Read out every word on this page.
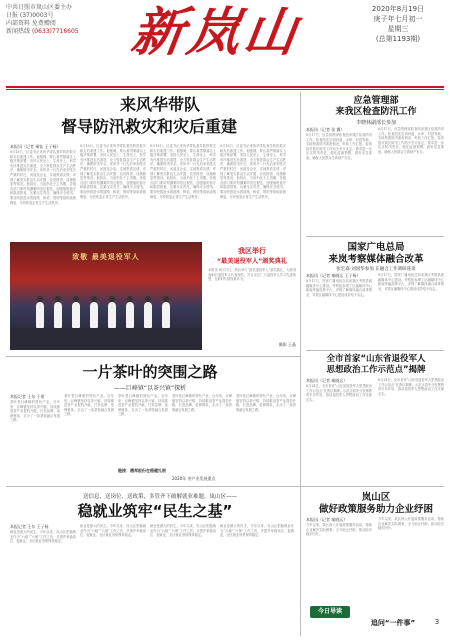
中共日照市岚山区委主办
日报 (37)0003号
内部资料 免费赠阅
新闻热线 (0633)7716605 新岚山	2020年8月19日
庚子年七月初一
星期三
(总第1193期)
来风华带队
督导防汛救灾和灾后重建
本报讯（记者 秦钰 王子杨）
8月18日，区委书记来风华带队督导防汛救灾和灾后重建工作。他强调，要认真贯彻落实上级决策部署，坚持人民至上、生命至上，科学有序推进灾后重建，全力恢复群众生产生活秩序，确保防汛安全。来风华一行先后来到受灾严重的村庄、河道及企业，实地察看灾情，详细了解受灾群众生活安置、农田排涝、设施修复等情况。他指出，当前仍处于主汛期，各级各部门要时刻绷紧防汛这根弦，加强值班值守和隐患排查，压紧压实责任，确保安全度汛。要加快推进水毁道路、桥梁、堤坝等基础设施修复，尽快恢复正常生产生活秩序。
8月18日，区委书记来风华带队督导防汛救灾和灾后重建工作。他强调，要认真贯彻落实上级决策部署，坚持人民至上、生命至上，科学有序推进灾后重建，全力恢复群众生产生活秩序，确保防汛安全。来风华一行先后来到受灾严重的村庄、河道及企业，实地察看灾情，详细了解受灾群众生活安置、农田排涝、设施修复等情况。他指出，当前仍处于主汛期，各级各部门要时刻绷紧防汛这根弦，加强值班值守和隐患排查，压紧压实责任，确保安全度汛。要加快推进水毁道路、桥梁、堤坝等基础设施修复，尽快恢复正常生产生活秩序。
8月18日，区委书记来风华带队督导防汛救灾和灾后重建工作。他强调，要认真贯彻落实上级决策部署，坚持人民至上、生命至上，科学有序推进灾后重建，全力恢复群众生产生活秩序，确保防汛安全。来风华一行先后来到受灾严重的村庄、河道及企业，实地察看灾情，详细了解受灾群众生活安置、农田排涝、设施修复等情况。他指出，当前仍处于主汛期，各级各部门要时刻绷紧防汛这根弦，加强值班值守和隐患排查，压紧压实责任，确保安全度汛。要加快推进水毁道路、桥梁、堤坝等基础设施修复，尽快恢复正常生产生活秩序。
8月18日，区委书记来风华带队督导防汛救灾和灾后重建工作。他强调，要认真贯彻落实上级决策部署，坚持人民至上、生命至上，科学有序推进灾后重建，全力恢复群众生产生活秩序，确保防汛安全。来风华一行先后来到受灾严重的村庄、河道及企业，实地察看灾情，详细了解受灾群众生活安置、农田排涝、设施修复等情况。他指出，当前仍处于主汛期，各级各部门要时刻绷紧防汛这根弦，加强值班值守和隐患排查，压紧压实责任，确保安全度汛。要加快推进水毁道路、桥梁、堤坝等基础设施修复，尽快恢复正常生产生活秩序。
应急管理部
来我区检查防汛工作
李晓林副部长参加
本报讯（记者 张 翼）
8月17日，应急管理部检查组来我区检查防汛工作。检查组先后到河道、水库、村居等地，实地察看防汛准备情况，听取工作汇报。检查组对我区防汛工作给予充分肯定，要求进一步压实防汛责任，强化监测预警，做好应急准备，确保人民群众生命财产安全。
8月17日，应急管理部检查组来我区检查防汛工作。检查组先后到河道、水库、村居等地，实地察看防汛准备情况，听取工作汇报。检查组对我区防汛工作给予充分肯定，要求进一步压实防汛责任，强化监测预警，做好应急准备，确保人民群众生命财产安全。
国家广电总局
来岚考察媒体融合改革
张宏森·刘国华参加 在融合工作调研座谈
本报讯（记者 秦晓运 王子杨）
8月17日，国家广播电视总局来我区考察县级融媒体中心建设。考察组参观了区融媒体中心新闻采编指挥平台，详细了解媒体融合改革情况，对我区融媒体中心建设成效给予肯定。
8月17日，国家广播电视总局来我区考察县级融媒体中心建设。考察组参观了区融媒体中心新闻采编指挥平台，详细了解媒体融合改革情况，对我区融媒体中心建设成效给予肯定。
致敬 最美退役军人
我区举行
“最美退役军人”颁奖典礼
本报讯 8月17日，我区举行“最美退役军人”颁奖典礼，为获得表彰的退役军人代表颁奖，号召全区广大退役军人学习先进典型，在新时代展现新作为。
摄影 王晶
一片茶叶的突围之路
——巨峰镇“以茶兴镇”探析
本报记者 王东 于建
茶叶是巨峰镇的特色产业。近年来，巨峰镇坚持以茶兴镇，持续推进茶产业提档升级，打造品牌，延伸链条，走出了一条茶旅融合发展之路。
茶叶是巨峰镇的特色产业。近年来，巨峰镇坚持以茶兴镇，持续推进茶产业提档升级，打造品牌，延伸链条，走出了一条茶旅融合发展之路。
茶叶是巨峰镇的特色产业。近年来，巨峰镇坚持以茶兴镇，持续推进茶产业提档升级，打造品牌，延伸链条，走出了一条茶旅融合发展之路。
链接：德邦股份在稳健扎根
茶叶是巨峰镇的特色产业。近年来，巨峰镇坚持以茶兴镇，持续推进茶产业提档升级，打造品牌，延伸链条，走出了一条茶旅融合发展之路。
茶叶是巨峰镇的特色产业。近年来，巨峰镇坚持以茶兴镇，持续推进茶产业提档升级，打造品牌，延伸链条，走出了一条茶旅融合发展之路。
2020年 茶产业发展重点
全市首家“山东省退役军人
思想政治工作示范点”揭牌
本报讯（记者 秦晓运）
8月14日，全市首家“山东省退役军人思想政治工作示范点”在我区揭牌。示范点将充分发挥教育引导作用，推动退役军人思想政治工作走深走实。
8月14日，全市首家“山东省退役军人思想政治工作示范点”在我区揭牌。示范点将充分发挥教育引导作用，推动退役军人思想政治工作走深走实。
送信息，送岗位，送政策，多管齐下破解就业难题，岚山区——
稳就业筑牢“民生之基”
本报记者 王东 王子杨
就业是最大的民生。今年以来，岚山区把稳就业作为“六稳”“六保”工作之首，多措并举稳岗位、促就业，全区就业形势保持稳定。
就业是最大的民生。今年以来，岚山区把稳就业作为“六稳”“六保”工作之首，多措并举稳岗位、促就业，全区就业形势保持稳定。
就业是最大的民生。今年以来，岚山区把稳就业作为“六稳”“六保”工作之首，多措并举稳岗位、促就业，全区就业形势保持稳定。
就业是最大的民生。今年以来，岚山区把稳就业作为“六稳”“六保”工作之首，多措并举稳岗位、促就业，全区就业形势保持稳定。
岚山区
做好政策服务助力企业纾困
本报讯（记者 秦晓运）
今年以来，我区深入开展政策服务活动，帮助企业解决实际困难，全力助企纾困，推动经济稳步回升。
今年以来，我区深入开展政策服务活动，帮助企业解决实际困难，全力助企纾困，推动经济稳步回升。
今日导读
追问“一件事”	3
